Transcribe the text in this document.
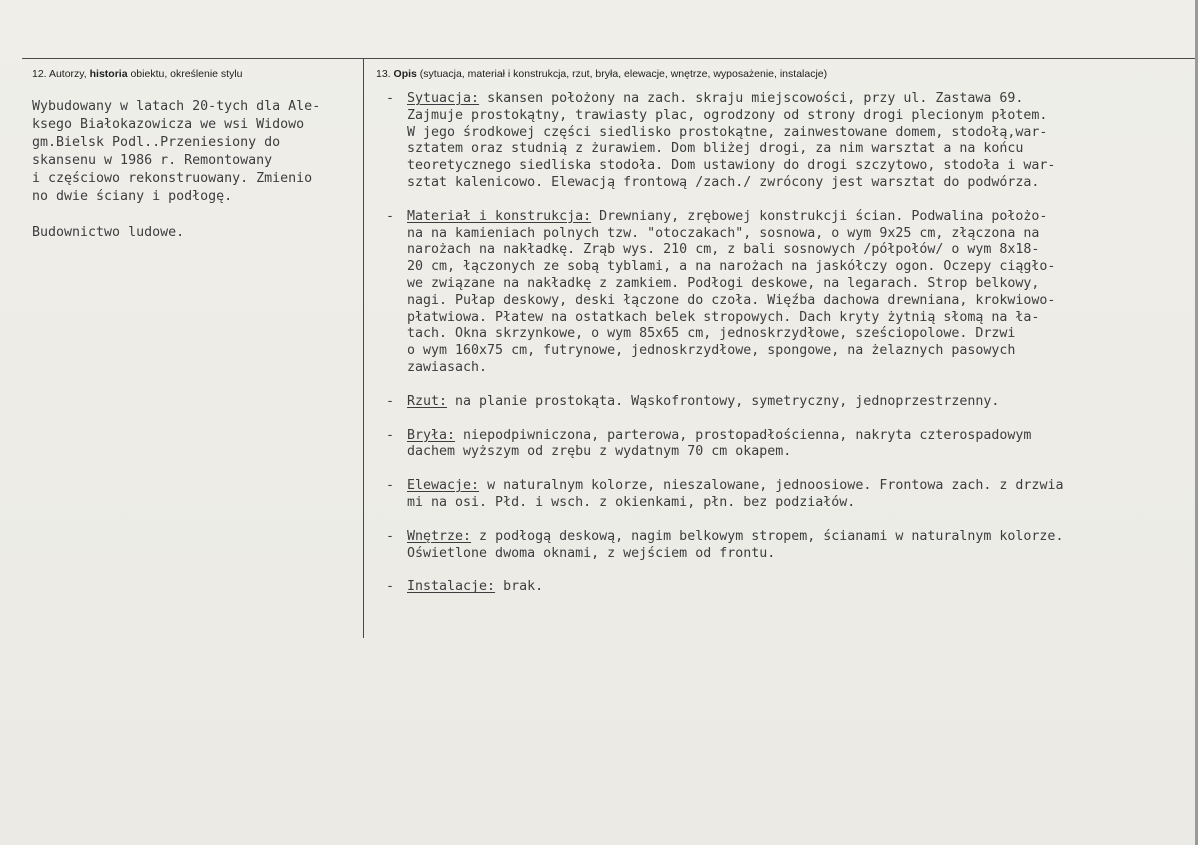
12. Autorzy, historia obiektu, określenie stylu	13. Opis (sytuacja, materiał i konstrukcja, rzut, bryła, elewacje, wnętrze, wyposażenie, instalacje)
Wybudowany w latach 20-tych dla Ale-
ksego Białokazowicza we wsi Widowo
gm.Bielsk Podl..Przeniesiony do
skansenu w 1986 r. Remontowany
i częściowo rekonstruowany. Zmienio
no dwie ściany i podłogę.

Budownictwo ludowe.
- Sytuacja: skansen położony na zach. skraju miejscowości, przy ul. Zastawa 69.
Zajmuje prostokątny, trawiasty plac, ogrodzony od strony drogi plecionym płotem.
W jego środkowej części siedlisko prostokątne, zainwestowane domem, stodołą,war-
sztatem oraz studnią z żurawiem. Dom bliżej drogi, za nim warsztat a na końcu
teoretycznego siedliska stodoła. Dom ustawiony do drogi szczytowo, stodoła i war-
sztat kalenicowo. Elewacją frontową /zach./ zwrócony jest warsztat do podwórza.
- Materiał i konstrukcja: Drewniany, zrębowej konstrukcji ścian. Podwalina położo-
na na kamieniach polnych tzw. "otoczakach", sosnowa, o wym 9x25 cm, złączona na
narożach na nakładkę. Zrąb wys. 210 cm, z bali sosnowych /półpołów/ o wym 8x18-
20 cm, łączonych ze sobą tyblami, a na narożach na jaskółczy ogon. Oczepy ciągło-
we związane na nakładkę z zamkiem. Podłogi deskowe, na legarach. Strop belkowy,
nagi. Pułap deskowy, deski łączone do czoła. Więźba dachowa drewniana, krokwiowo-
płatwiowa. Płatew na ostatkach belek stropowych. Dach kryty żytnią słomą na ła-
tach. Okna skrzynkowe, o wym 85x65 cm, jednoskrzydłowe, sześciopolowe. Drzwi
o wym 160x75 cm, futrynowe, jednoskrzydłowe, spongowe, na żelaznych pasowych
zawiasach.
- Rzut: na planie prostokąta. Wąskofrontowy, symetryczny, jednoprzestrzenny.
- Bryła: niepodpiwniczona, parterowa, prostopadłościenna, nakryta czterospadowym
dachem wyższym od zrębu z wydatnym 70 cm okapem.
- Elewacje: w naturalnym kolorze, nieszalowane, jednoosiowe. Frontowa zach. z drzwia
mi na osi. Płd. i wsch. z okienkami, płn. bez podziałów.
- Wnętrze: z podłogą deskową, nagim belkowym stropem, ścianami w naturalnym kolorze.
Oświetlone dwoma oknami, z wejściem od frontu.
- Instalacje: brak.
